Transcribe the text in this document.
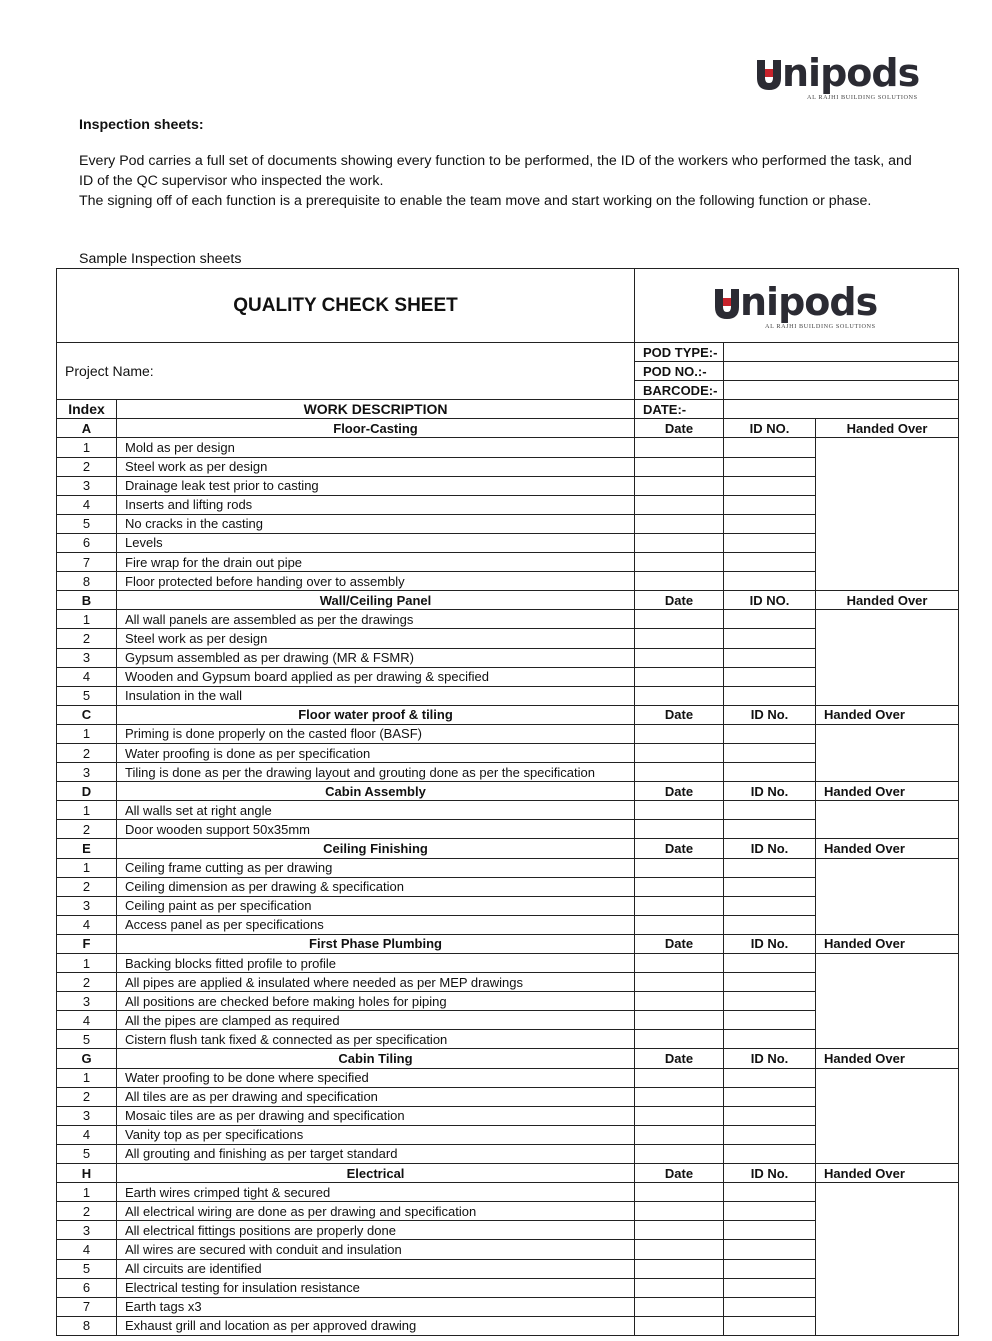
nipods
AL RAJHI BUILDING SOLUTIONS
Inspection sheets:
Every Pod carries a full set of documents showing every function to be performed, the ID of the workers who performed the task, and ID of the QC supervisor who inspected the work.
The signing off of each function is a prerequisite to enable the team move and start working on the following function or phase.
Sample Inspection sheets
QUALITY CHECK SHEET				
Project Name:		POD TYPE:-		
		POD NO.:-		
		BARCODE:-		
Index	WORK DESCRIPTION	DATE:-		
A	Floor-Casting	Date	ID NO.	Handed Over
1	Mold as per design			
2	Steel work as per design			
3	Drainage leak test prior to casting			
4	Inserts and lifting rods			
5	No cracks in the casting			
6	Levels			
7	Fire wrap for the drain out pipe			
8	Floor protected before handing over to assembly			
B	Wall/Ceiling Panel	Date	ID NO.	Handed Over
1	All wall panels are assembled as per the drawings			
2	Steel work as per design			
3	Gypsum assembled as per drawing (MR & FSMR)			
4	Wooden and Gypsum board applied as per drawing & specified			
5	Insulation in the wall			
C	Floor water proof & tiling	Date	ID No.	Handed Over
1	Priming is done properly on the casted floor (BASF)			
2	Water proofing is done as per specification			
3	Tiling is done as per the drawing layout and grouting done as per the specification			
D	Cabin Assembly	Date	ID No.	Handed Over
1	All walls set at right angle			
2	Door wooden support 50x35mm			
E	Ceiling Finishing	Date	ID No.	Handed Over
1	Ceiling frame cutting as per drawing			
2	Ceiling dimension as per drawing & specification			
3	Ceiling paint as per specification			
4	Access panel as per specifications			
F	First Phase Plumbing	Date	ID No.	Handed Over
1	Backing blocks fitted profile to profile			
2	All pipes are applied & insulated where needed as per MEP drawings			
3	All positions are checked before making holes for piping			
4	All the pipes are clamped as required			
5	Cistern flush tank fixed & connected as per specification			
G	Cabin Tiling	Date	ID No.	Handed Over
1	Water proofing to be done where specified			
2	All tiles are as per drawing and specification			
3	Mosaic tiles are as per drawing and specification			
4	Vanity top as per specifications			
5	All grouting and finishing as per target standard			
H	Electrical	Date	ID No.	Handed Over
1	Earth wires crimped tight & secured			
2	All electrical wiring are done as per drawing and specification			
3	All electrical fittings positions are properly done			
4	All wires are secured with conduit and insulation			
5	All circuits are identified			
6	Electrical testing for insulation resistance			
7	Earth tags x3			
8	Exhaust grill and location as per approved drawing			
nipods
AL RAJHI BUILDING SOLUTIONS
